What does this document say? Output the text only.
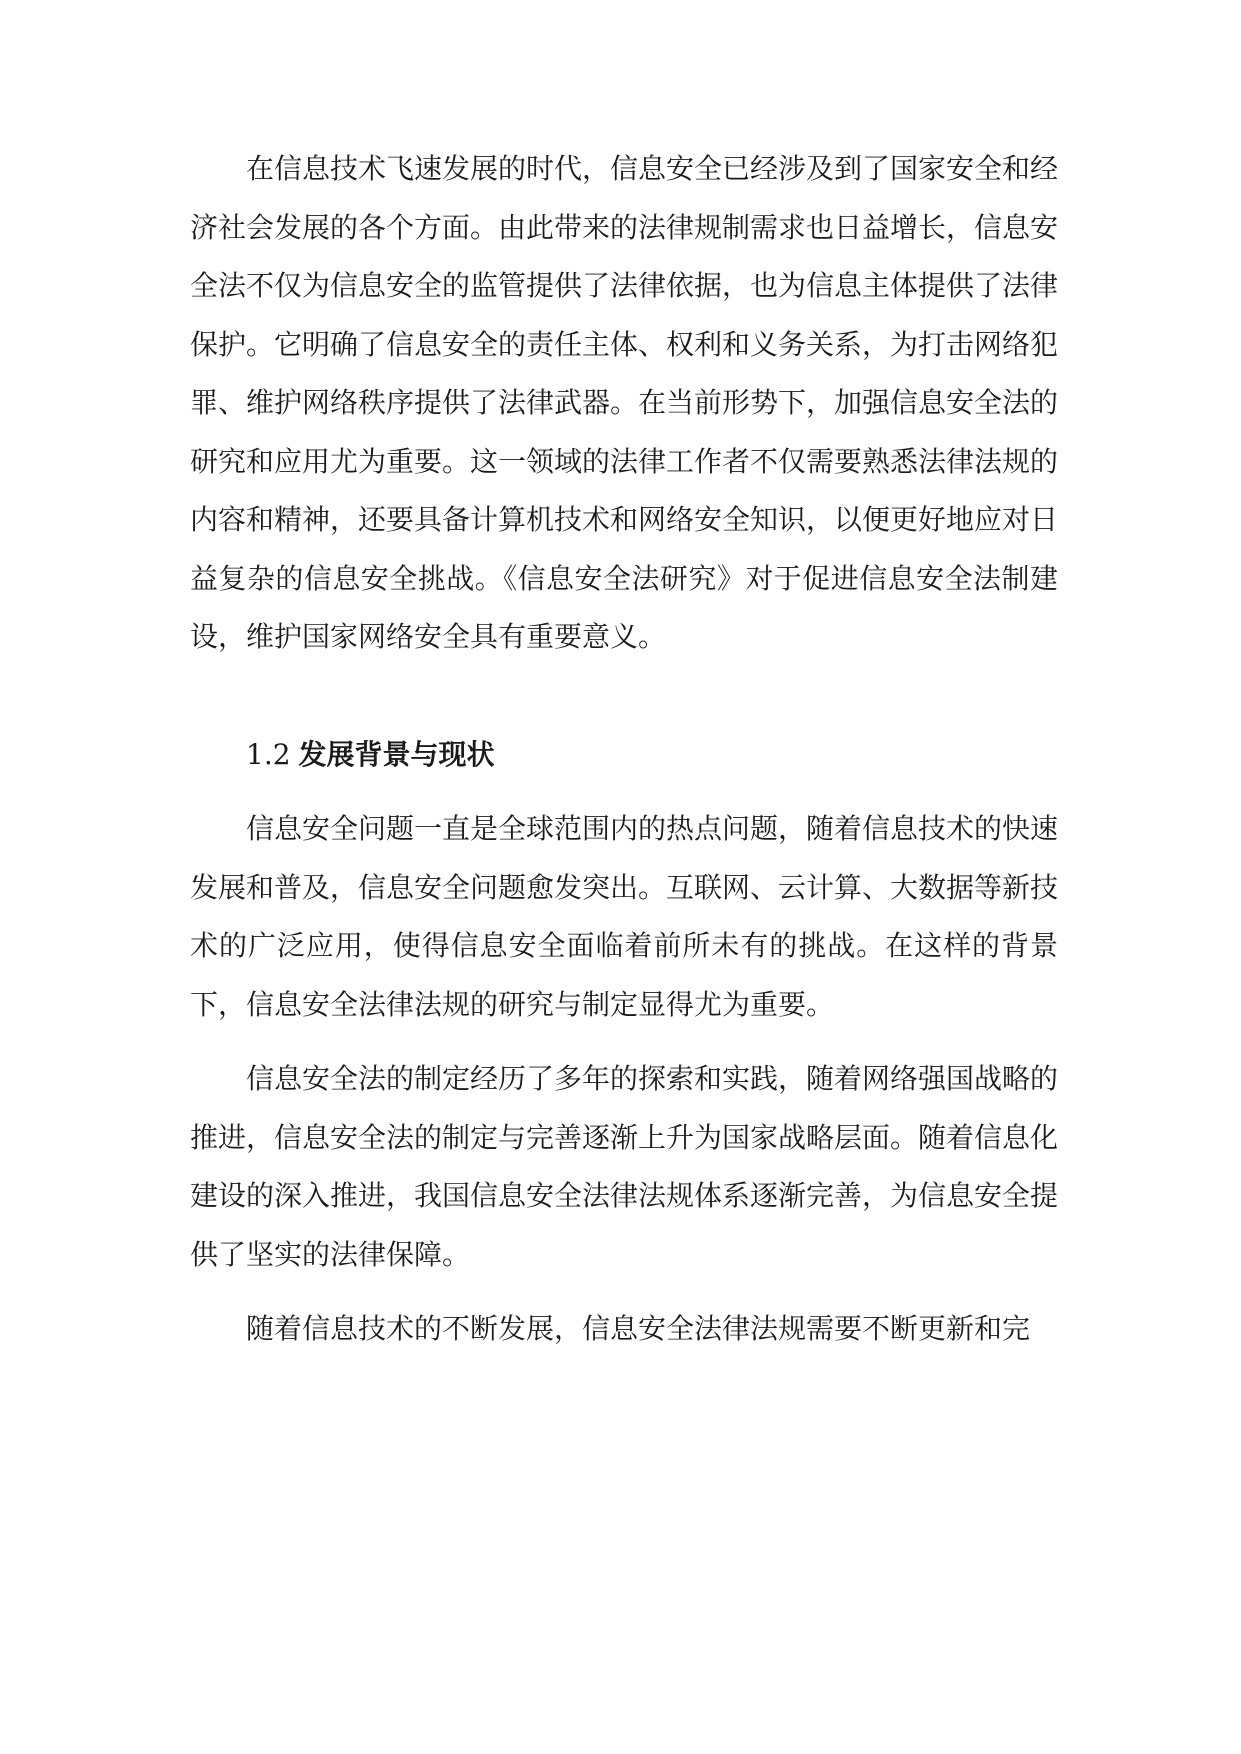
在信息技术飞速发展的时代，信息安全已经涉及到了国家安全和经济社会发展的各个方面。由此带来的法律规制需求也日益增长，信息安全法不仅为信息安全的监管提供了法律依据，也为信息主体提供了法律保护。它明确了信息安全的责任主体、权利和义务关系，为打击网络犯罪、维护网络秩序提供了法律武器。在当前形势下，加强信息安全法的研究和应用尤为重要。这一领域的法律工作者不仅需要熟悉法律法规的内容和精神，还要具备计算机技术和网络安全知识，以便更好地应对日益复杂的信息安全挑战。《信息安全法研究》对于促进信息安全法制建设，维护国家网络安全具有重要意义。

1.2 发展背景与现状

信息安全问题一直是全球范围内的热点问题，随着信息技术的快速发展和普及，信息安全问题愈发突出。互联网、云计算、大数据等新技术的广泛应用，使得信息安全面临着前所未有的挑战。在这样的背景下，信息安全法律法规的研究与制定显得尤为重要。

信息安全法的制定经历了多年的探索和实践，随着网络强国战略的推进，信息安全法的制定与完善逐渐上升为国家战略层面。随着信息化建设的深入推进，我国信息安全法律法规体系逐渐完善，为信息安全提供了坚实的法律保障。

随着信息技术的不断发展，信息安全法律法规需要不断更新和完
